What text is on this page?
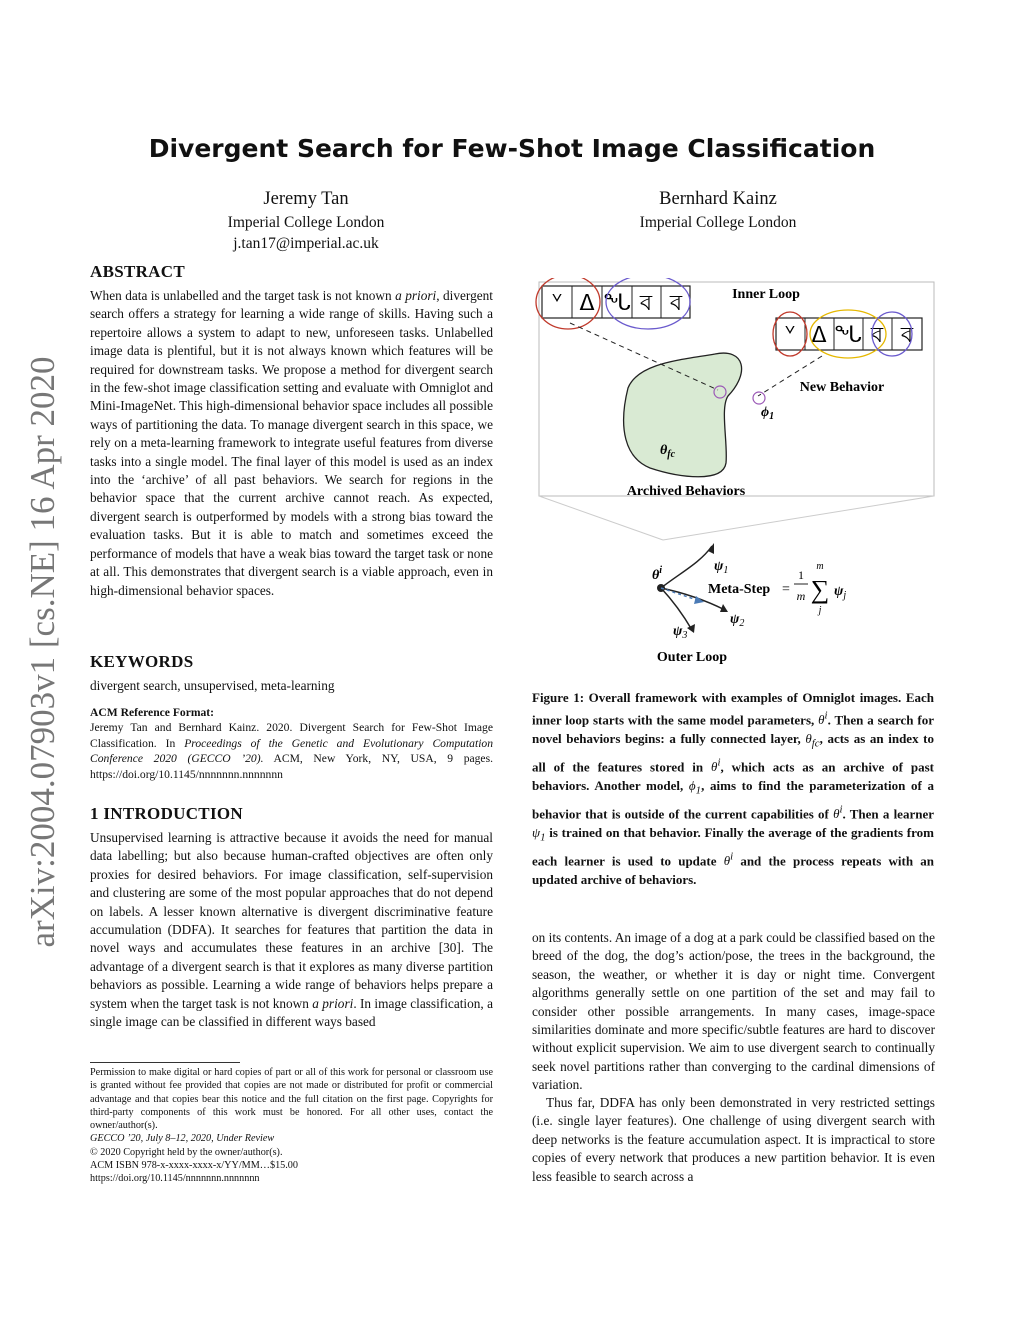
arXiv:2004.07903v1 [cs.NE] 16 Apr 2020
Divergent Search for Few-Shot Image Classification
Jeremy Tan
Imperial College London
j.tan17@imperial.ac.uk
Bernhard Kainz
Imperial College London
ABSTRACT
When data is unlabelled and the target task is not known a priori, divergent search offers a strategy for learning a wide range of skills. Having such a repertoire allows a system to adapt to new, unforeseen tasks. Unlabelled image data is plentiful, but it is not always known which features will be required for downstream tasks. We propose a method for divergent search in the few-shot image classification setting and evaluate with Omniglot and Mini-ImageNet. This high-dimensional behavior space includes all possible ways of partitioning the data. To manage divergent search in this space, we rely on a meta-learning framework to integrate useful features from diverse tasks into a single model. The final layer of this model is used as an index into the ‘archive’ of all past behaviors. We search for regions in the behavior space that the current archive cannot reach. As expected, divergent search is outperformed by models with a strong bias toward the evaluation tasks. But it is able to match and sometimes exceed the performance of models that have a weak bias toward the target task or none at all. This demonstrates that divergent search is a viable approach, even in high-dimensional behavior spaces.
KEYWORDS
divergent search, unsupervised, meta-learning
ACM Reference Format:
Jeremy Tan and Bernhard Kainz. 2020. Divergent Search for Few-Shot Image Classification. In Proceedings of the Genetic and Evolutionary Computation Conference 2020 (GECCO ’20). ACM, New York, NY, USA, 9 pages. https://doi.org/10.1145/nnnnnnn.nnnnnnn
1 INTRODUCTION
Unsupervised learning is attractive because it avoids the need for manual data labelling; but also because human-crafted objectives are often only proxies for desired behaviors. For image classification, self-supervision and clustering are some of the most popular approaches that do not depend on labels. A lesser known alternative is divergent discriminative feature accumulation (DDFA). It searches for features that partition the data in novel ways and accumulates these features in an archive [30]. The advantage of a divergent search is that it explores as many diverse partition behaviors as possible. Learning a wide range of behaviors helps prepare a system when the target task is not known a priori. In image classification, a single image can be classified in different ways based
Permission to make digital or hard copies of part or all of this work for personal or classroom use is granted without fee provided that copies are not made or distributed for profit or commercial advantage and that copies bear this notice and the full citation on the first page. Copyrights for third-party components of this work must be honored. For all other uses, contact the owner/author(s).
GECCO ’20, July 8–12, 2020, Under Review
© 2020 Copyright held by the owner/author(s).
ACM ISBN 978-x-xxxx-xxxx-x/YY/MM…$15.00
https://doi.org/10.1145/nnnnnnn.nnnnnnn
ᘁ ᐃ ᖓ ব ব
ᘁ ᐃ ᖓ ব ব
Inner Loop
New Behavior
Archived Behaviors
$\theta_{fc}$
$\phi_1$
$\theta^i$	$\psi_1$
$\psi_2$
$\psi_3$
Meta-Step =
1
m
m
∑
j
$\psi_j$
Outer Loop
Figure 1: Overall framework with examples of Omniglot images. Each inner loop starts with the same model parameters, $\theta^i$. Then a search for novel behaviors begins: a fully connected layer, $\theta_{fc}$, acts as an index to all of the features stored in $\theta^i$, which acts as an archive of past behaviors. Another model, $\phi_1$, aims to find the parameterization of a behavior that is outside of the current capabilities of $\theta^i$. Then a learner $\psi_1$ is trained on that behavior. Finally the average of the gradients from each learner is used to update $\theta^i$ and the process repeats with an updated archive of behaviors.
on its contents. An image of a dog at a park could be classified based on the breed of the dog, the dog’s action/pose, the trees in the background, the season, the weather, or whether it is day or night time. Convergent algorithms generally settle on one partition of the set and may fail to consider other possible arrangements. In many cases, image-space similarities dominate and more specific/subtle features are hard to discover without explicit supervision. We aim to use divergent search to continually seek novel partitions rather than converging to the cardinal dimensions of variation.
Thus far, DDFA has only been demonstrated in very restricted settings (i.e. single layer features). One challenge of using divergent search with deep networks is the feature accumulation aspect. It is impractical to store copies of every network that produces a new partition behavior. It is even less feasible to search across a
